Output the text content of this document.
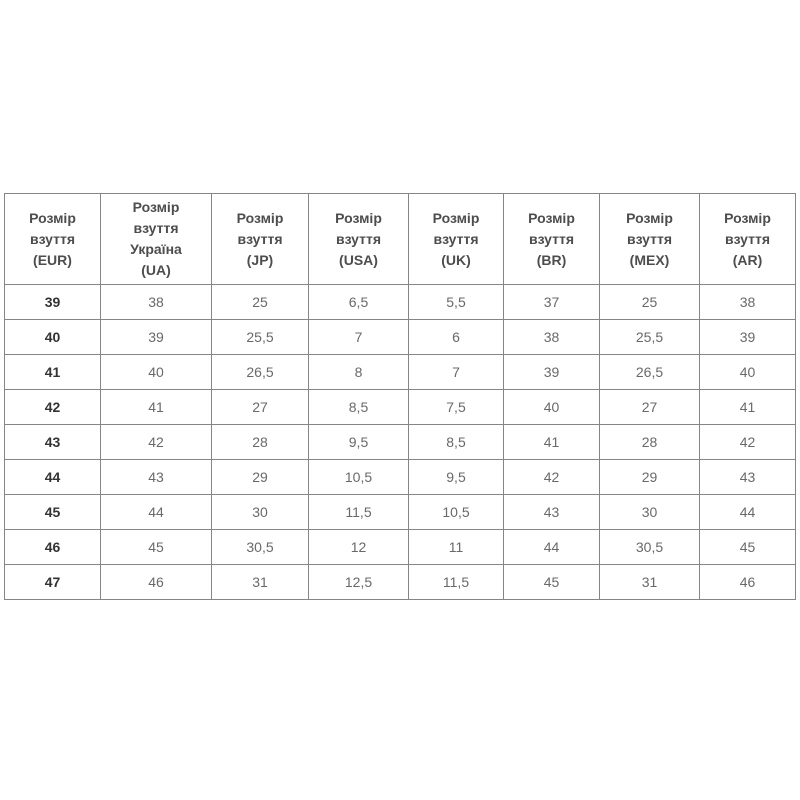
Розмір
взуття
(EUR)	Розмір
взуття
Україна
(UA)	Розмір
взуття
(JP)	Розмір
взуття
(USA)	Розмір
взуття
(UK)	Розмір
взуття
(BR)	Розмір
взуття
(MEX)	Розмір
взуття
(AR)

39	38	25	6,5	5,5	37	25	38
40	39	25,5	7	6	38	25,5	39
41	40	26,5	8	7	39	26,5	40
42	41	27	8,5	7,5	40	27	41
43	42	28	9,5	8,5	41	28	42
44	43	29	10,5	9,5	42	29	43
45	44	30	11,5	10,5	43	30	44
46	45	30,5	12	11	44	30,5	45
47	46	31	12,5	11,5	45	31	46
